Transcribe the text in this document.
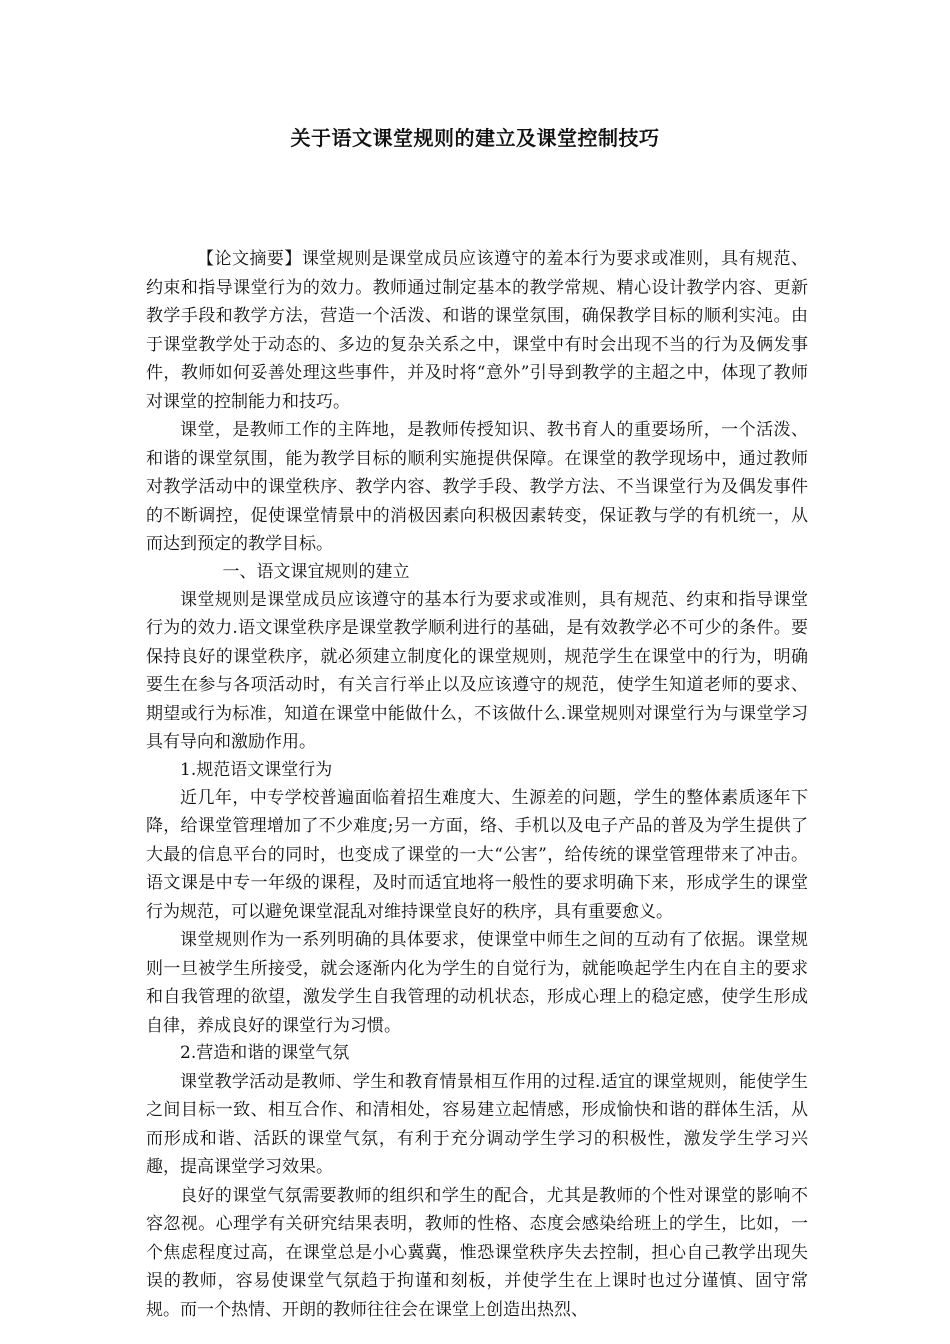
关于语文课堂规则的建立及课堂控制技巧

【论文摘要】课堂规则是课堂成员应该遵守的羞本行为要求或准则，具有规范、约束和指导课堂行为的效力。教师通过制定基本的教学常规、精心设计教学内容、更新教学手段和教学方法，营造一个活泼、和谐的课堂氛围，确保教学目标的顺利实沌。由于课堂教学处于动态的、多边的复杂关系之中，课堂中有时会出现不当的行为及俩发事件，教师如何妥善处理这些事件，并及时将“意外”引导到教学的主超之中，体现了教师对课堂的控制能力和技巧。

课堂，是教师工作的主阵地，是教师传授知识、教书育人的重要场所，一个活泼、和谐的课堂氛围，能为教学目标的顺利实施提供保障。在课堂的教学现场中，通过教师对教学活动中的课堂秩序、教学内容、教学手段、教学方法、不当课堂行为及偶发事件的不断调控，促使课堂情景中的消极因素向积极因素转变，保证教与学的有机统一，从而达到预定的教学目标。

一、语文课宜规则的建立

课堂规则是课堂成员应该遵守的基本行为要求或准则，具有规范、约束和指导课堂行为的效力.语文课堂秩序是课堂教学顺利进行的基础，是有效教学必不可少的条件。要保持良好的课堂秩序，就必须建立制度化的课堂规则，规范学生在课堂中的行为，明确要生在参与各项活动时，有关言行举止以及应该遵守的规范，使学生知道老师的要求、期望或行为标准，知道在课堂中能做什么，不该做什么.课堂规则对课堂行为与课堂学习具有导向和激励作用。

1.规范语文课堂行为

近几年，中专学校普遍面临着招生难度大、生源差的问题，学生的整体素质逐年下降，给课堂管理增加了不少难度;另一方面，络、手机以及电子产品的普及为学生提供了大最的信息平台的同时，也变成了课堂的一大“公害”，给传统的课堂管理带来了冲击。语文课是中专一年级的课程，及时而适宜地将一般性的要求明确下来，形成学生的课堂行为规范，可以避免课堂混乱对维持课堂良好的秩序，具有重要愈义。

课堂规则作为一系列明确的具体要求，使课堂中师生之间的互动有了依据。课堂规则一旦被学生所接受，就会逐渐内化为学生的自觉行为，就能唤起学生内在自主的要求和自我管理的欲望，激发学生自我管理的动机状态，形成心理上的稳定感，使学生形成自律，养成良好的课堂行为习惯。

2.营造和谐的课堂气氛

课堂教学活动是教师、学生和教育情景相互作用的过程.适宜的课堂规则，能使学生之间目标一致、相互合作、和清相处，容易建立起情感，形成愉快和谐的群体生活，从而形成和谐、活跃的课堂气氛，有利于充分调动学生学习的积极性，激发学生学习兴趣，提高课堂学习效果。

良好的课堂气氛需要教师的组织和学生的配合，尤其是教师的个性对课堂的影响不容忽视。心理学有关研究结果表明，教师的性格、态度会感染给班上的学生，比如，一个焦虑程度过高，在课堂总是小心冀冀，惟恐课堂秩序失去控制，担心自己教学出现失误的教师，容易使课堂气氛趋于拘谨和刻板，并使学生在上课时也过分谨慎、固守常规。而一个热情、开朗的教师往往会在课堂上创造出热烈、
